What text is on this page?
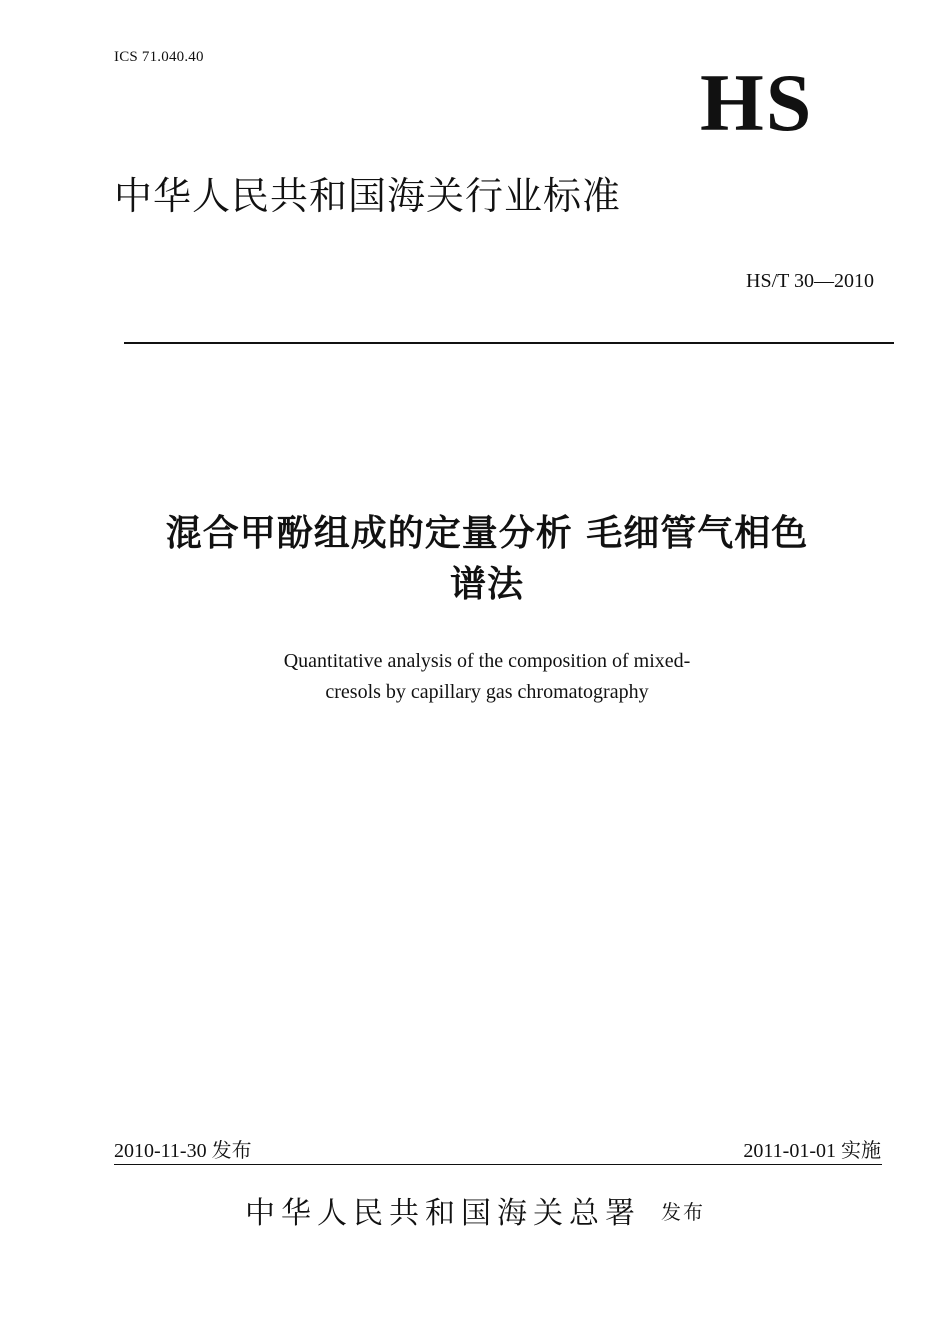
ICS 71.040.40	HS
中华人民共和国海关行业标准
HS/T 30—2010
混合甲酚组成的定量分析 毛细管气相色
谱法
Quantitative analysis of the composition of mixed-
cresols by capillary gas chromatography
2010-11-30 发布	2011-01-01 实施
中华人民共和国海关总署 发布
